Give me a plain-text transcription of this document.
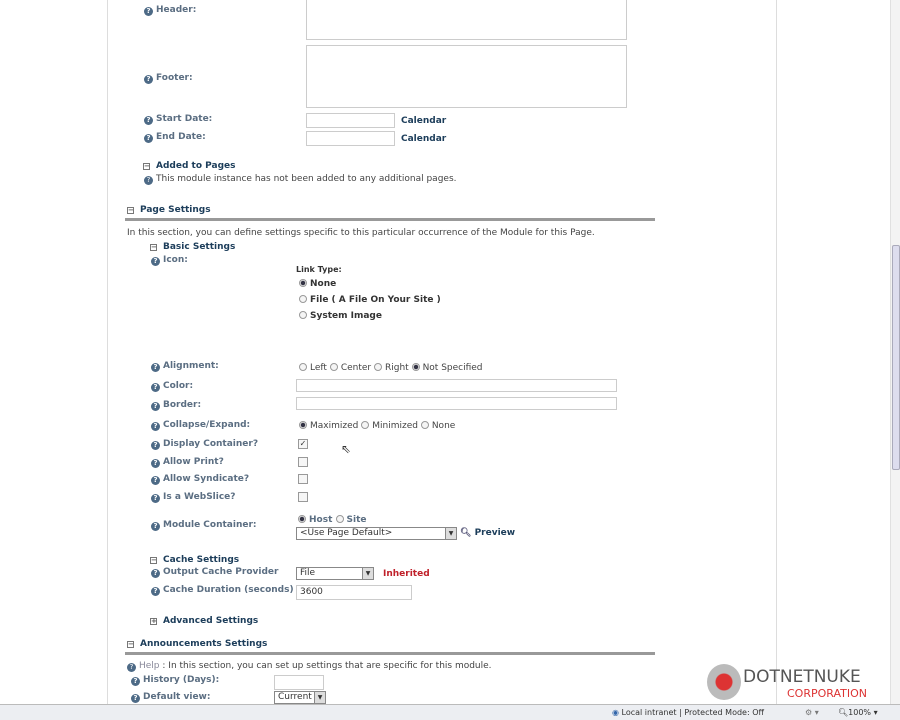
? Header:
? Footer:
? Start Date:	Calendar
? End Date:	Calendar
− Added to Pages
? This module instance has not been added to any additional pages.
− Page Settings
In this section, you can define settings specific to this particular occurrence of the Module for this Page.
− Basic Settings
? Icon:
Link Type:
None
File ( A File On Your Site )
System Image
? Alignment:	Left Center Right Not Specified
? Color:
? Border:
? Collapse/Expand:	Maximized Minimized None
? Display Container?	✓
? Allow Print?
? Allow Syndicate?
? Is a WebSlice?
⇖
? Module Container:	Host Site
<Use Page Default>	▼ 🔍︎ Preview
− Cache Settings
? Output Cache Provider	File	▼ Inherited
? Cache Duration (seconds) 3600
+ Advanced Settings
− Announcements Settings
? Help : In this section, you can set up settings that are specific for this module.
? History (Days):
? Default view:	Current ▼
DOTNETNUKE
CORPORATION
◉ Local intranet | Protected Mode: Off	⚙ ▾ 🔍︎100% ▾
